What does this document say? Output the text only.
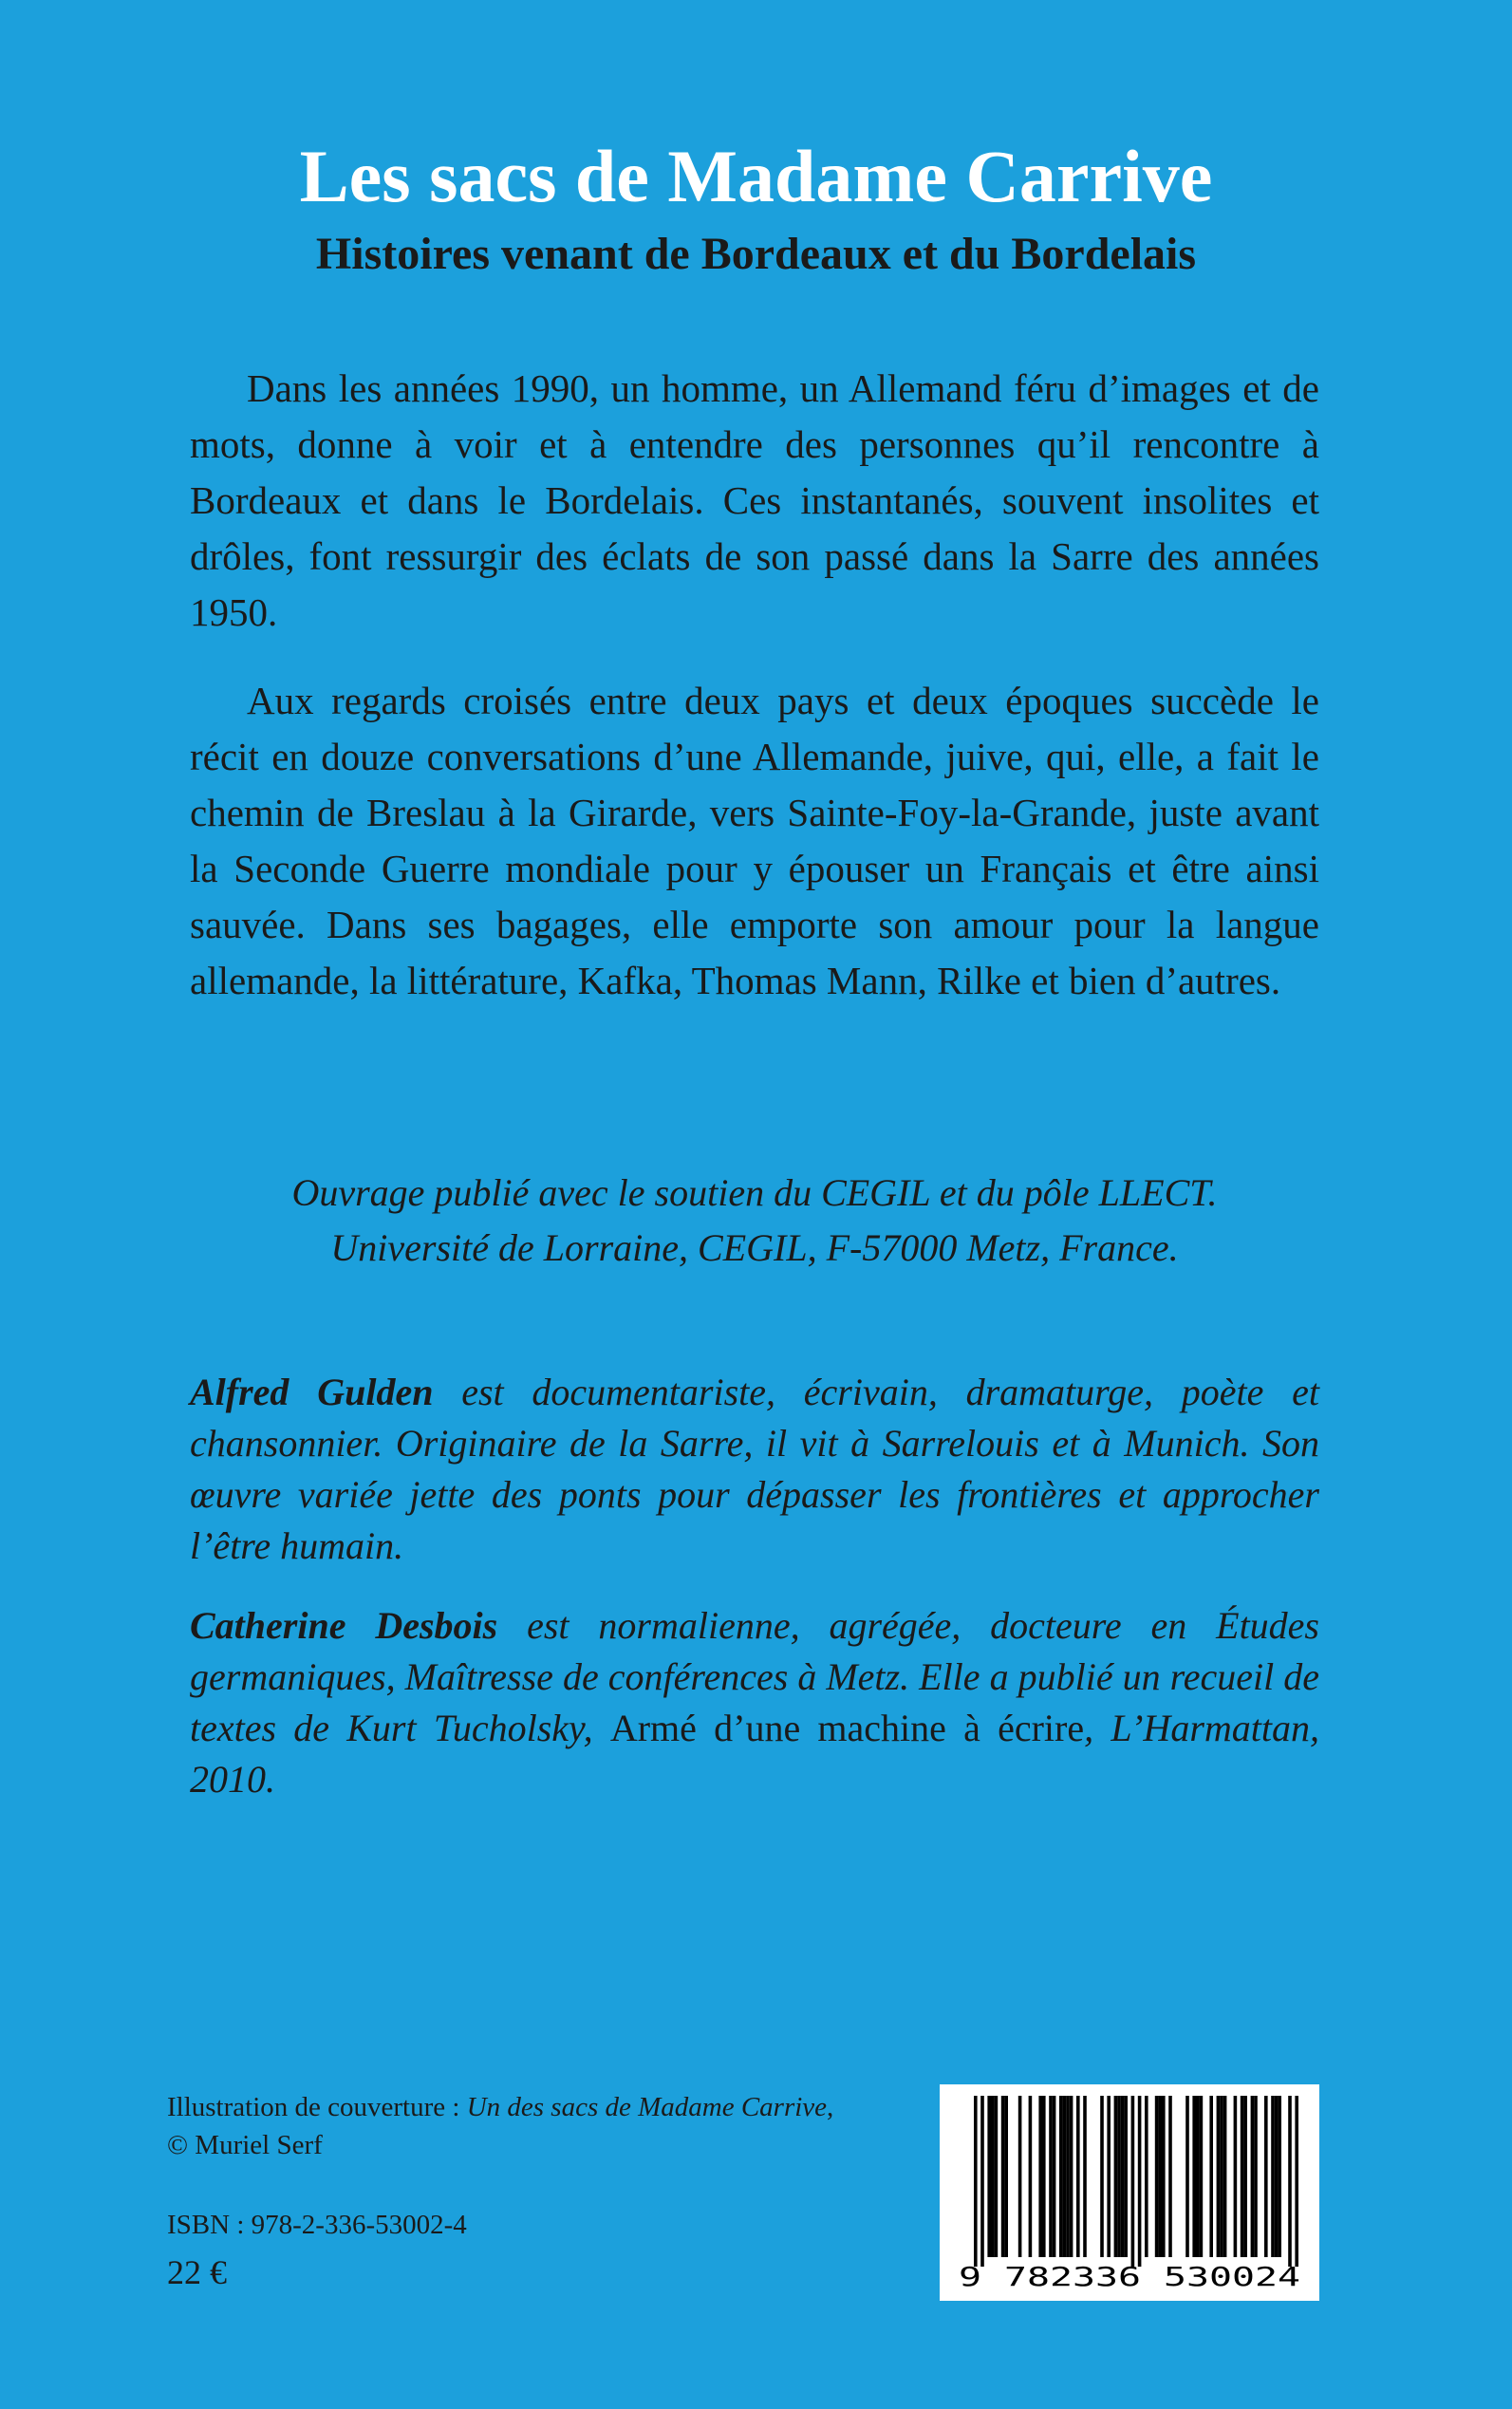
Les sacs de Madame Carrive
Histoires venant de Bordeaux et du Bordelais

Dans les années 1990, un homme, un Allemand féru d’images et de mots, donne à voir et à entendre des personnes qu’il rencontre à Bordeaux et dans le Bordelais. Ces instantanés, souvent insolites et drôles, font ressurgir des éclats de son passé dans la Sarre des années 1950.

Aux regards croisés entre deux pays et deux époques succède le récit en douze conversations d’une Allemande, juive, qui, elle, a fait le chemin de Breslau à la Girarde, vers Sainte-Foy-la-Grande, juste avant la Seconde Guerre mondiale pour y épouser un Français et être ainsi sauvée. Dans ses bagages, elle emporte son amour pour la langue allemande, la littérature, Kafka, Thomas Mann, Rilke et bien d’autres.

Ouvrage publié avec le soutien du CEGIL et du pôle LLECT.
Université de Lorraine, CEGIL, F-57000 Metz, France.

Alfred Gulden est documentariste, écrivain, dramaturge, poète et chansonnier. Originaire de la Sarre, il vit à Sarrelouis et à Munich. Son œuvre variée jette des ponts pour dépasser les frontières et approcher l’être humain.

Catherine Desbois est normalienne, agrégée, docteure en Études germaniques, Maîtresse de conférences à Metz. Elle a publié un recueil de textes de Kurt Tucholsky, Armé d’une machine à écrire, L’Harmattan, 2010.

Illustration de couverture : Un des sacs de Madame Carrive,
© Muriel Serf
ISBN : 978-2-336-53002-4
22 €	9 782336 530024
